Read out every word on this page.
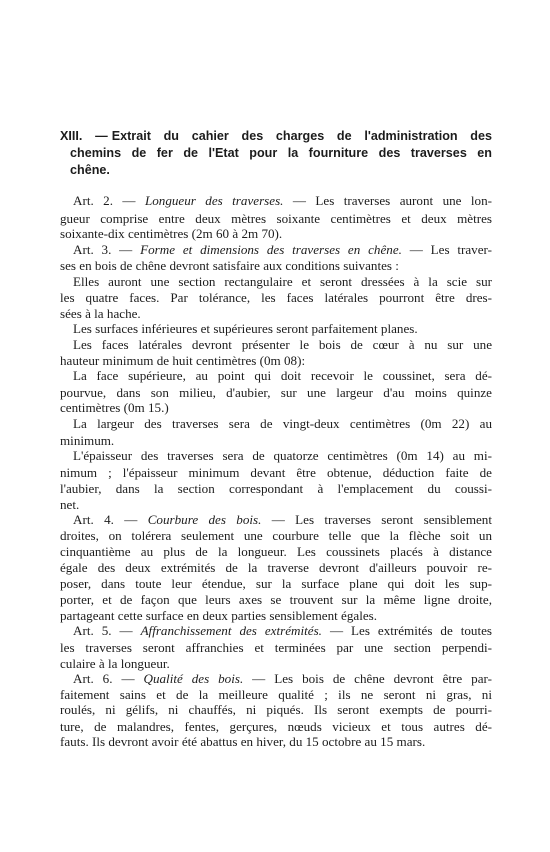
XIII. — Extrait du cahier des charges de l'administration des
chemins de fer de l'Etat pour la fourniture des traverses en
chêne.
Art. 2. — Longueur des traverses. — Les traverses auront une lon-
gueur comprise entre deux mètres soixante centimètres et deux mètres
soixante-dix centimètres (2m 60 à 2m 70).
Art. 3. — Forme et dimensions des traverses en chêne. — Les traver-
ses en bois de chêne devront satisfaire aux conditions suivantes :
Elles auront une section rectangulaire et seront dressées à la scie sur
les quatre faces. Par tolérance, les faces latérales pourront être dres-
sées à la hache.
Les surfaces inférieures et supérieures seront parfaitement planes.
Les faces latérales devront présenter le bois de cœur à nu sur une
hauteur minimum de huit centimètres (0m 08):
La face supérieure, au point qui doit recevoir le coussinet, sera dé-
pourvue, dans son milieu, d'aubier, sur une largeur d'au moins quinze
centimètres (0m 15.)
La largeur des traverses sera de vingt-deux centimètres (0m 22) au
minimum.
L'épaisseur des traverses sera de quatorze centimètres (0m 14) au mi-
nimum ; l'épaisseur minimum devant être obtenue, déduction faite de
l'aubier, dans la section correspondant à l'emplacement du coussi-
net.
Art. 4. — Courbure des bois. — Les traverses seront sensiblement
droites, on tolérera seulement une courbure telle que la flèche soit un
cinquantième au plus de la longueur. Les coussinets placés à distance
égale des deux extrémités de la traverse devront d'ailleurs pouvoir re-
poser, dans toute leur étendue, sur la surface plane qui doit les sup-
porter, et de façon que leurs axes se trouvent sur la même ligne droite,
partageant cette surface en deux parties sensiblement égales.
Art. 5. — Affranchissement des extrémités. — Les extrémités de toutes
les traverses seront affranchies et terminées par une section perpendi-
culaire à la longueur.
Art. 6. — Qualité des bois. — Les bois de chêne devront être par-
faitement sains et de la meilleure qualité ; ils ne seront ni gras, ni
roulés, ni gélifs, ni chauffés, ni piqués. Ils seront exempts de pourri-
ture, de malandres, fentes, gerçures, nœuds vicieux et tous autres dé-
fauts. Ils devront avoir été abattus en hiver, du 15 octobre au 15 mars.
